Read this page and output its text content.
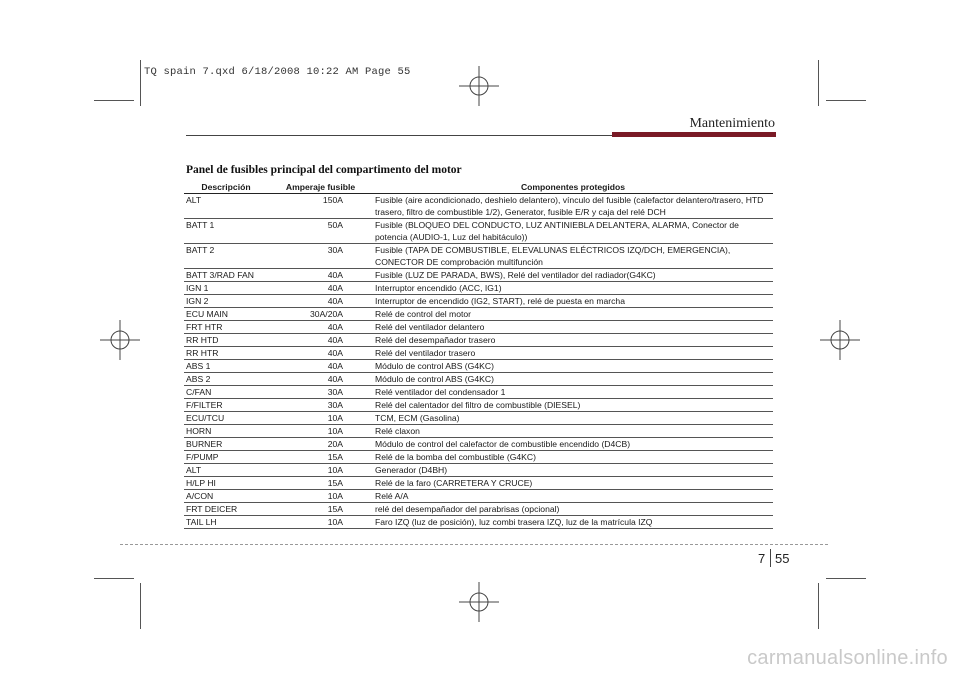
TQ spain 7.qxd 6/18/2008 10:22 AM Page 55
Mantenimiento
Panel de fusibles principal del compartimento del motor
Descripción	Amperaje fusible	Componentes protegidos
ALT	150A	Fusible (aire acondicionado, deshielo delantero), vínculo del fusible (calefactor delantero/trasero, HTD trasero, filtro de combustible 1/2), Generator, fusible E/R y caja del relé DCH
BATT 1	50A	Fusible (BLOQUEO DEL CONDUCTO, LUZ ANTINIEBLA DELANTERA, ALARMA, Conector de potencia (AUDIO-1, Luz del habitáculo))
BATT 2	30A	Fusible (TAPA DE COMBUSTIBLE, ELEVALUNAS ELÉCTRICOS IZQ/DCH, EMERGENCIA), CONECTOR DE comprobación multifunción
BATT 3/RAD FAN	40A	Fusible (LUZ DE PARADA, BWS), Relé del ventilador del radiador(G4KC)
IGN 1	40A	Interruptor encendido (ACC, IG1)
IGN 2	40A	Interruptor de encendido (IG2, START), relé de puesta en marcha
ECU MAIN	30A/20A	Relé de control del motor
FRT HTR	40A	Relé del ventilador delantero
RR HTD	40A	Relé del desempañador trasero
RR HTR	40A	Relé del ventilador trasero
ABS 1	40A	Módulo de control ABS (G4KC)
ABS 2	40A	Módulo de control ABS (G4KC)
C/FAN	30A	Relé ventilador del condensador 1
F/FILTER	30A	Relé del calentador del filtro de combustible (DIESEL)
ECU/TCU	10A	TCM, ECM (Gasolina)
HORN	10A	Relé claxon
BURNER	20A	Módulo de control del calefactor de combustible encendido (D4CB)
F/PUMP	15A	Relé de la bomba del combustible (G4KC)
ALT	10A	Generador (D4BH)
H/LP HI	15A	Relé de la faro (CARRETERA Y CRUCE)
A/CON	10A	Relé A/A
FRT DEICER	15A	relé del desempañador del parabrisas (opcional)
TAIL LH	10A	Faro IZQ (luz de posición), luz combi trasera IZQ, luz de la matrícula IZQ
7 55
carmanualsonline.info
